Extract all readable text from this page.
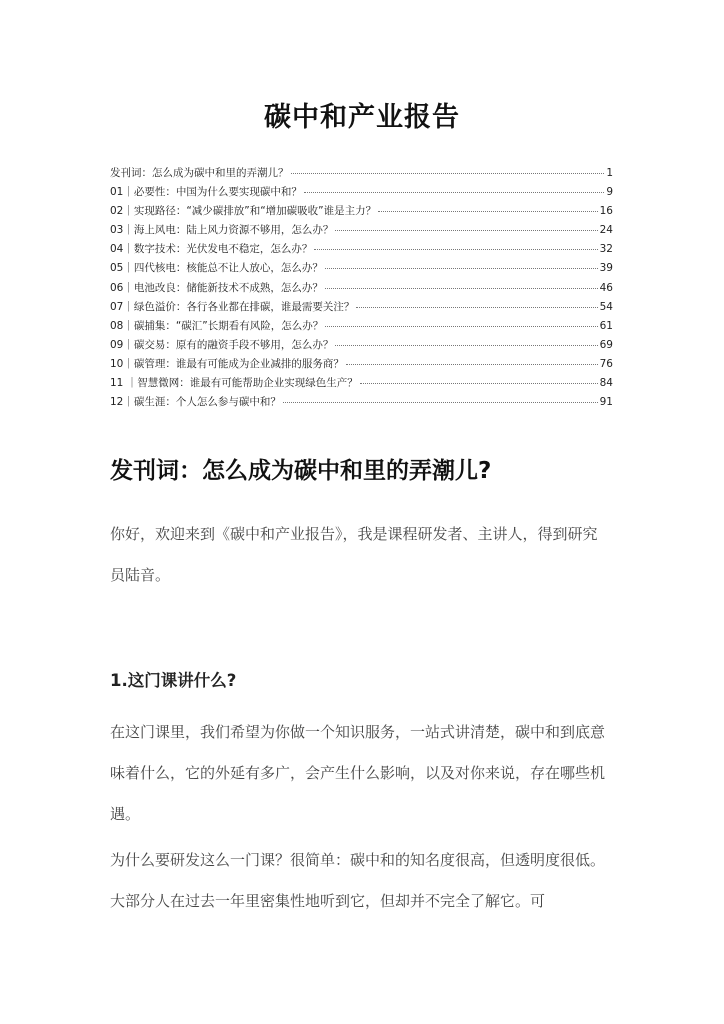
碳中和产业报告
发刊词：怎么成为碳中和里的弄潮儿？	1
01｜必要性：中国为什么要实现碳中和？	9
02｜实现路径：“减少碳排放”和“增加碳吸收”谁是主力？	16
03｜海上风电：陆上风力资源不够用，怎么办？	24
04｜数字技术：光伏发电不稳定，怎么办？	32
05｜四代核电：核能总不让人放心，怎么办？	39
06｜电池改良：储能新技术不成熟，怎么办？	46
07｜绿色溢价：各行各业都在排碳，谁最需要关注？	54
08｜碳捕集：“碳汇”长期看有风险，怎么办？	61
09｜碳交易：原有的融资手段不够用，怎么办？	69
10｜碳管理：谁最有可能成为企业减排的服务商？	76
11 ｜智慧微网：谁最有可能帮助企业实现绿色生产？	84
12｜碳生涯：个人怎么参与碳中和？	91
发刊词：怎么成为碳中和里的弄潮儿?

你好，欢迎来到《碳中和产业报告》，我是课程研发者、主讲人，得到研究员陆音。

1.这门课讲什么?

在这门课里，我们希望为你做一个知识服务，一站式讲清楚，碳中和到底意味着什么，它的外延有多广，会产生什么影响，以及对你来说，存在哪些机遇。

为什么要研发这么一门课？很简单：碳中和的知名度很高，但透明度很低。大部分人在过去一年里密集性地听到它，但却并不完全了解它。可
